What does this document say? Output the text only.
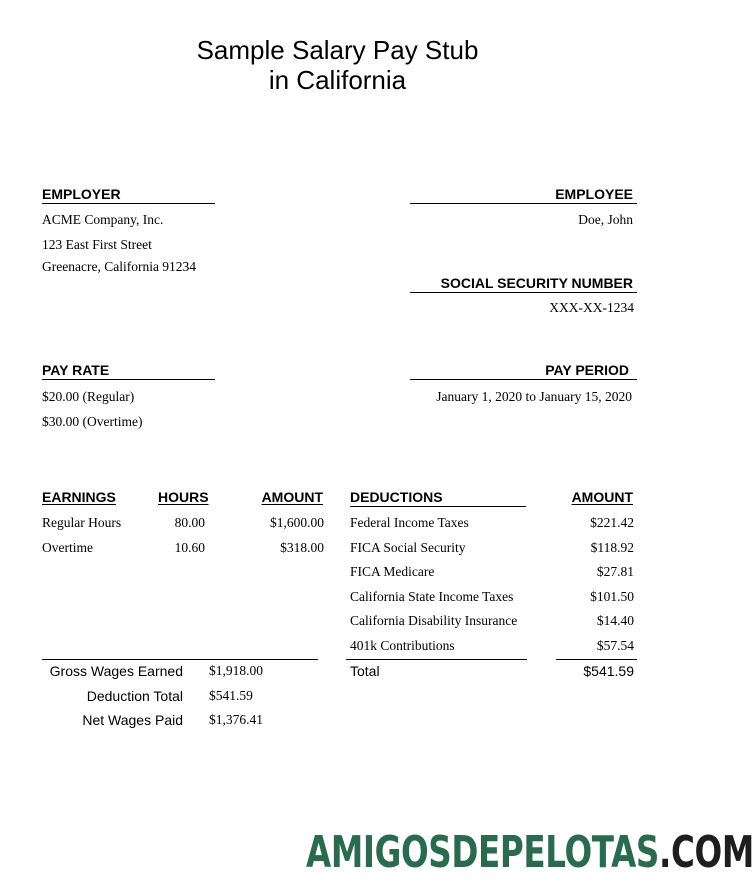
Sample Salary Pay Stub
in California
EMPLOYER
ACME Company, Inc.
123 East First Street
Greenacre, California 91234
EMPLOYEE
Doe, John
SOCIAL SECURITY NUMBER
XXX-XX-1234
PAY RATE
$20.00 (Regular)
$30.00 (Overtime)
PAY PERIOD
January 1, 2020 to January 15, 2020
EARNINGS	HOURS	AMOUNT
Regular Hours	80.00	$1,600.00
Overtime	10.60	$318.00
DEDUCTIONS	AMOUNT
Federal Income Taxes	$221.42
FICA Social Security	$118.92
FICA Medicare	$27.81
California State Income Taxes	$101.50
California Disability Insurance	$14.40
401k Contributions	$57.54
Total	$541.59
Gross Wages Earned $1,918.00
Deduction Total $541.59
Net Wages Paid $1,376.41
AMIGOSDEPELOTAS.COM
